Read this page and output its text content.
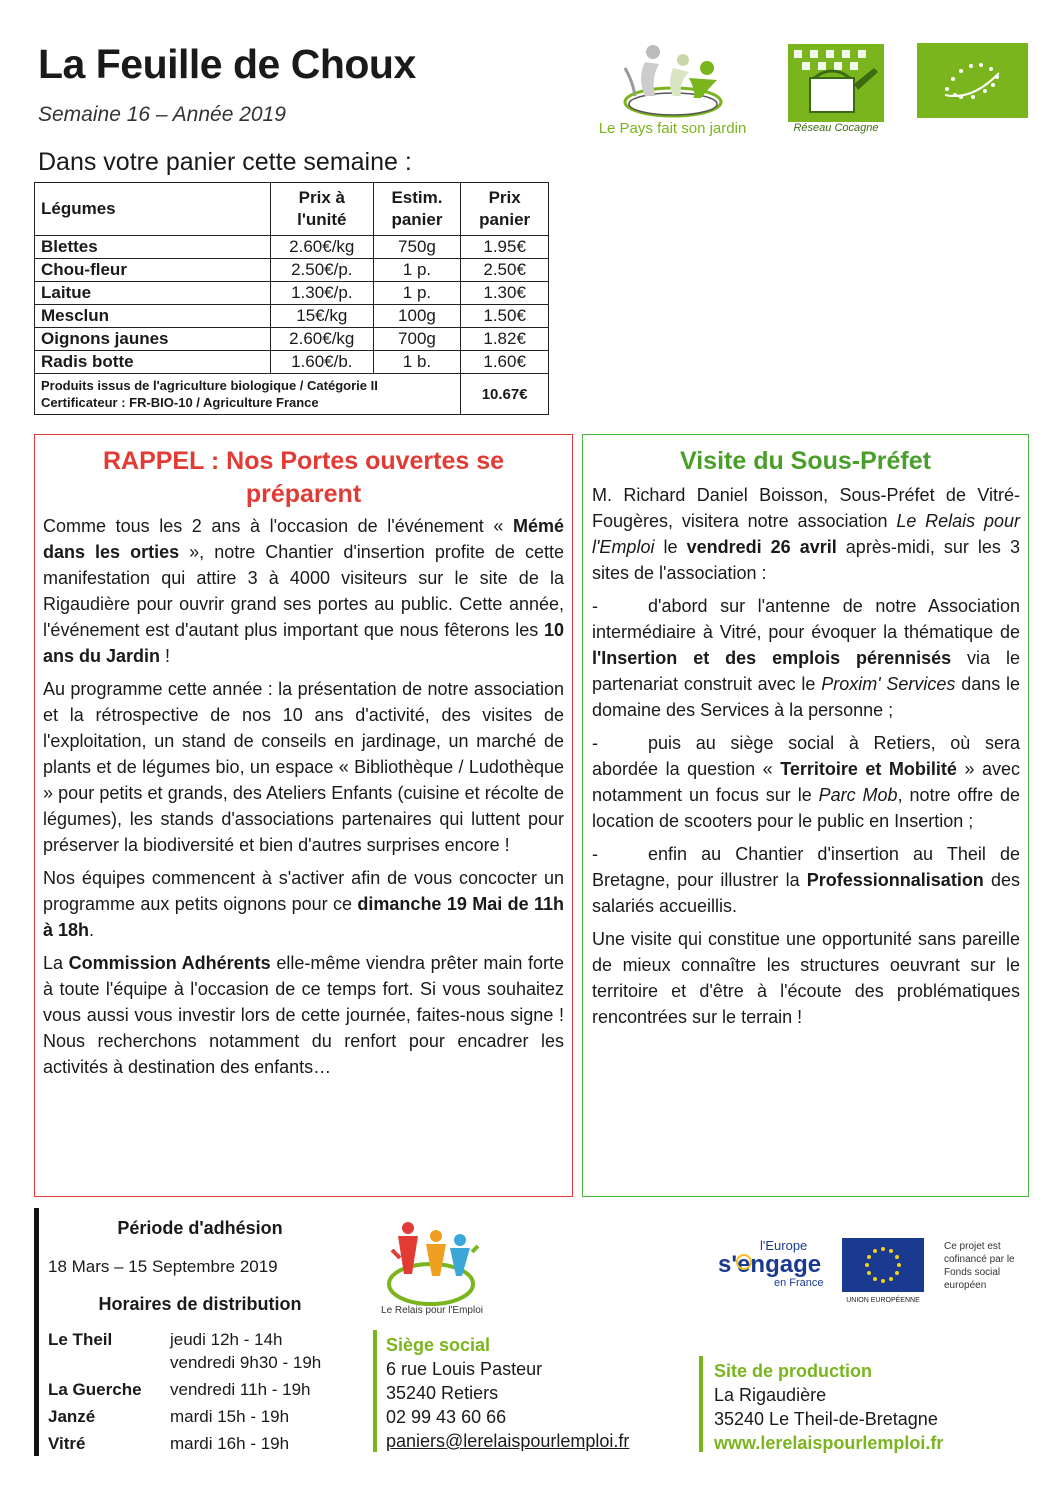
La Feuille de Choux
Semaine 16 – Année 2019
Dans votre panier cette semaine :
Le Pays fait son jardin	Réseau Cocagne
Légumes	Prix à l'unité	Estim. panier	Prix panier
Blettes	2.60€/kg	750g	1.95€
Chou-fleur	2.50€/p.	1 p.	2.50€
Laitue	1.30€/p.	1 p.	1.30€
Mesclun	15€/kg	100g	1.50€
Oignons jaunes	2.60€/kg	700g	1.82€
Radis botte	1.60€/b.	1 b.	1.60€

Produits issus de l'agriculture biologique / Catégorie II
Certificateur : FR-BIO-10 / Agriculture France			10.67€
RAPPEL : Nos Portes ouvertes se préparent

Comme tous les 2 ans à l'occasion de l'événement « Mémé dans les orties », notre Chantier d'insertion profite de cette manifestation qui attire 3 à 4000 visiteurs sur le site de la Rigaudière pour ouvrir grand ses portes au public. Cette année, l'événement est d'autant plus important que nous fêterons les 10 ans du Jardin !

Au programme cette année : la présentation de notre association et la rétrospective de nos 10 ans d'activité, des visites de l'exploitation, un stand de conseils en jardinage, un marché de plants et de légumes bio, un espace « Bibliothèque / Ludothèque » pour petits et grands, des Ateliers Enfants (cuisine et récolte de légumes), les stands d'associations partenaires qui luttent pour préserver la biodiversité et bien d'autres surprises encore !

Nos équipes commencent à s'activer afin de vous concocter un programme aux petits oignons pour ce dimanche 19 Mai de 11h à 18h.

La Commission Adhérents elle-même viendra prêter main forte à toute l'équipe à l'occasion de ce temps fort. Si vous souhaitez vous aussi vous investir lors de cette journée, faites-nous signe ! Nous recherchons notamment du renfort pour encadrer les activités à destination des enfants…

Visite du Sous-Préfet

M. Richard Daniel Boisson, Sous-Préfet de Vitré-Fougères, visitera notre association Le Relais pour l'Emploi le vendredi 26 avril après-midi, sur les 3 sites de l'association :

-	d'abord sur l'antenne de notre Association intermédiaire à Vitré, pour évoquer la thématique de l'Insertion et des emplois pérennisés via le partenariat construit avec le Proxim' Services dans le domaine des Services à la personne ;

-	puis au siège social à Retiers, où sera abordée la question « Territoire et Mobilité » avec notamment un focus sur le Parc Mob, notre offre de location de scooters pour le public en Insertion ;

-	enfin au Chantier d'insertion au Theil de Bretagne, pour illustrer la Professionnalisation des salariés accueillis.

Une visite qui constitue une opportunité sans pareille de mieux connaître les structures oeuvrant sur le territoire et d'être à l'écoute des problématiques rencontrées sur le terrain !

Période d'adhésion
18 Mars – 15 Septembre 2019
Horaires de distribution
Le Theil	jeudi 12h - 14h
vendredi 9h30 - 19h
La Guerche vendredi 11h - 19h
Janzé	mardi 15h - 19h
Vitré	mardi 16h - 19h
Le Relais pour l'Emploi
Siège social
6 rue Louis Pasteur
35240 Retiers
02 99 43 60 66
paniers@lerelaispourlemploi.fr
l'Europe
s'engage
en France
UNION EUROPÉENNE
Ce projet est cofinancé par le Fonds social européen
Site de production
La Rigaudière
35240 Le Theil-de-Bretagne
www.lerelaispourlemploi.fr
